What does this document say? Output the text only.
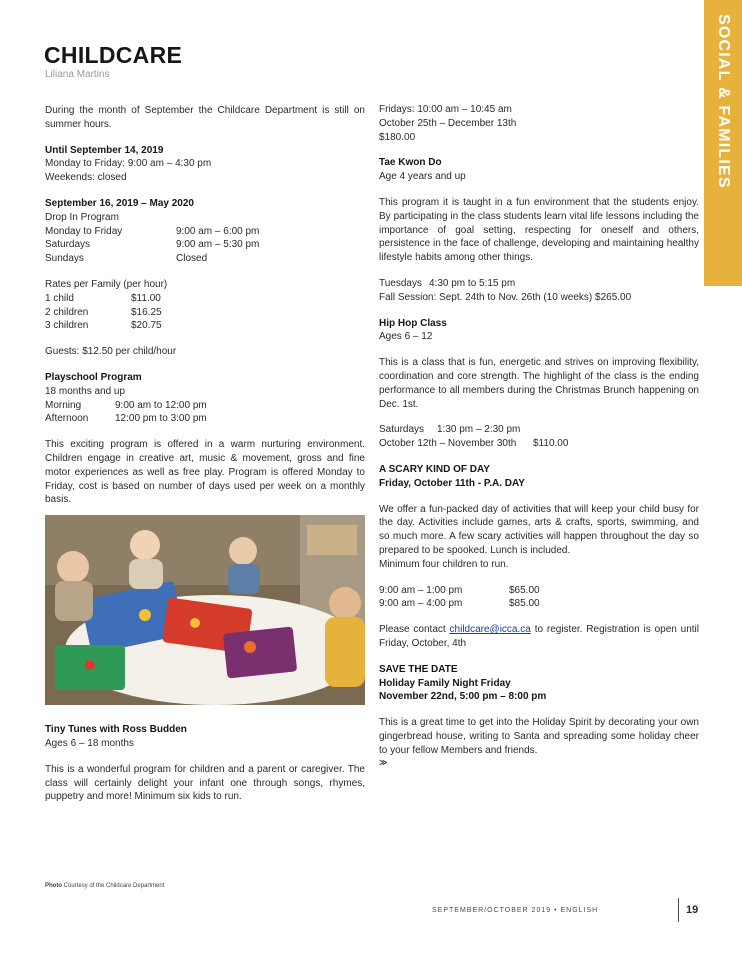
SOCIAL & FAMILIES
CHILDCARE
Liliana Martins

During the month of September the Childcare Department is still on summer hours.

Until September 14, 2019

Monday to Friday: 9:00 am – 4:30 pm

Weekends: closed

September 16, 2019 – May 2020

Drop In Program

Monday to Friday	9:00 am – 6:00 pm
Saturdays	9:00 am – 5:30 pm
Sundays	Closed

Rates per Family (per hour)

1 child	$11.00
2 children	$16.25
3 children	$20.75

Guests: $12.50 per child/hour

Playschool Program

18 months and up

Morning	9:00 am to 12:00 pm
Afternoon	12:00 pm to 3:00 pm

This exciting program is offered in a warm nurturing environment. Children engage in creative art, music & movement, gross and fine motor experiences as well as free play. Program is offered Monday to Friday, cost is based on number of days used per week on a monthly basis.

Tiny Tunes with Ross Budden

Ages 6 – 18 months

This is a wonderful program for children and a parent or caregiver. The class will certainly delight your infant one through songs, rhymes, puppetry and more! Minimum six kids to run.

Photo Courtesy of the Childcare Department

Fridays: 10:00 am – 10:45 am

October 25th – December 13th

$180.00

Tae Kwon Do

Age 4 years and up

This program it is taught in a fun environment that the students enjoy. By participating in the class students learn vital life lessons including the importance of goal setting, respecting for oneself and others, persistence in the face of challenge, developing and maintaining healthy lifestyle habits among other things.

Tuesdays 4:30 pm to 5:15 pm

Fall Session: Sept. 24th to Nov. 26th (10 weeks) $265.00

Hip Hop Class

Ages 6 – 12

This is a class that is fun, energetic and strives on improving flexibility, coordination and core strength. The highlight of the class is the ending performance to all members during the Christmas Brunch happening on Dec. 1st.

Saturdays	1:30 pm – 2:30 pm
October 12th – November 30th	$110.00

A SCARY KIND OF DAY

Friday, October 11th - P.A. DAY

We offer a fun-packed day of activities that will keep your child busy for the day. Activities include games, arts & crafts, sports, swimming, and so much more. A few scary activities will happen throughout the day so prepared to be spooked. Lunch is included.

Minimum four children to run.

9:00 am – 1:00 pm	$65.00
9:00 am – 4:00 pm	$85.00

Please contact childcare@icca.ca to register. Registration is open until Friday, October, 4th

SAVE THE DATE

Holiday Family Night Friday

November 22nd, 5:00 pm – 8:00 pm

This is a great time to get into the Holiday Spirit by decorating your own gingerbread house, writing to Santa and spreading some holiday cheer to your fellow Members and friends.

≫

SEPTEMBER/OCTOBER 2019 • ENGLISH	19
